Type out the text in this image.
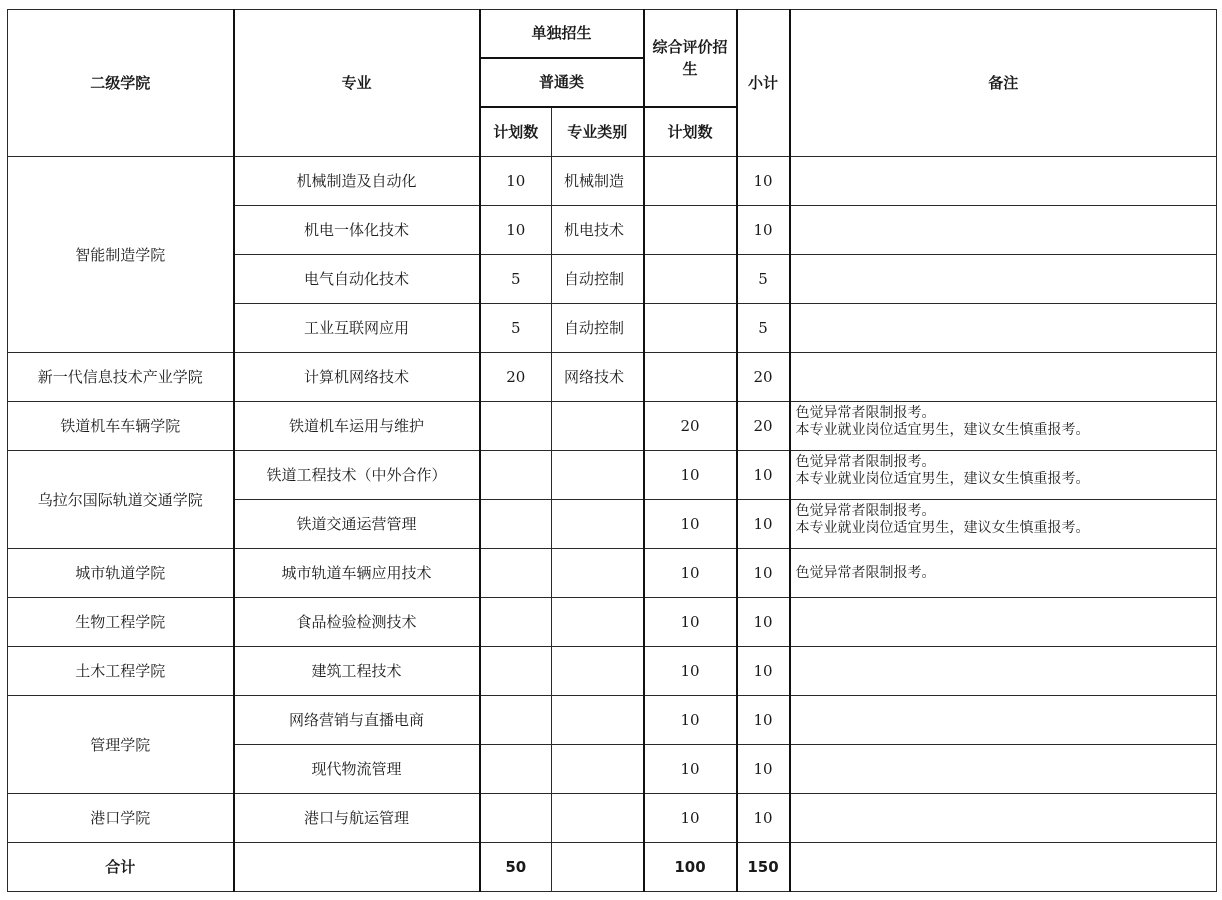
二级学院	专业	单独招生		综合评价招生	小计	备注
		普通类				
		计划数	专业类别	计划数		
智能制造学院	机械制造及自动化	10	机械制造		10	

	机电一体化技术	10	机电技术		10	

	电气自动化技术	5	自动控制		5	

	工业互联网应用	5	自动控制		5	

新一代信息技术产业学院	计算机网络技术	20	网络技术		20	

铁道机车车辆学院	铁道机车运用与维护			20	20	色觉异常者限制报考。
本专业就业岗位适宜男生，建议女生慎重报考。

乌拉尔国际轨道交通学院	铁道工程技术（中外合作）			10	10	色觉异常者限制报考。
本专业就业岗位适宜男生，建议女生慎重报考。

	铁道交通运营管理			10	10	色觉异常者限制报考。
本专业就业岗位适宜男生，建议女生慎重报考。

城市轨道学院	城市轨道车辆应用技术			10	10	色觉异常者限制报考。

生物工程学院	食品检验检测技术			10	10	

土木工程学院	建筑工程技术			10	10	

管理学院	网络营销与直播电商			10	10	

	现代物流管理			10	10	

港口学院	港口与航运管理			10	10	

合计		50		100	150	
